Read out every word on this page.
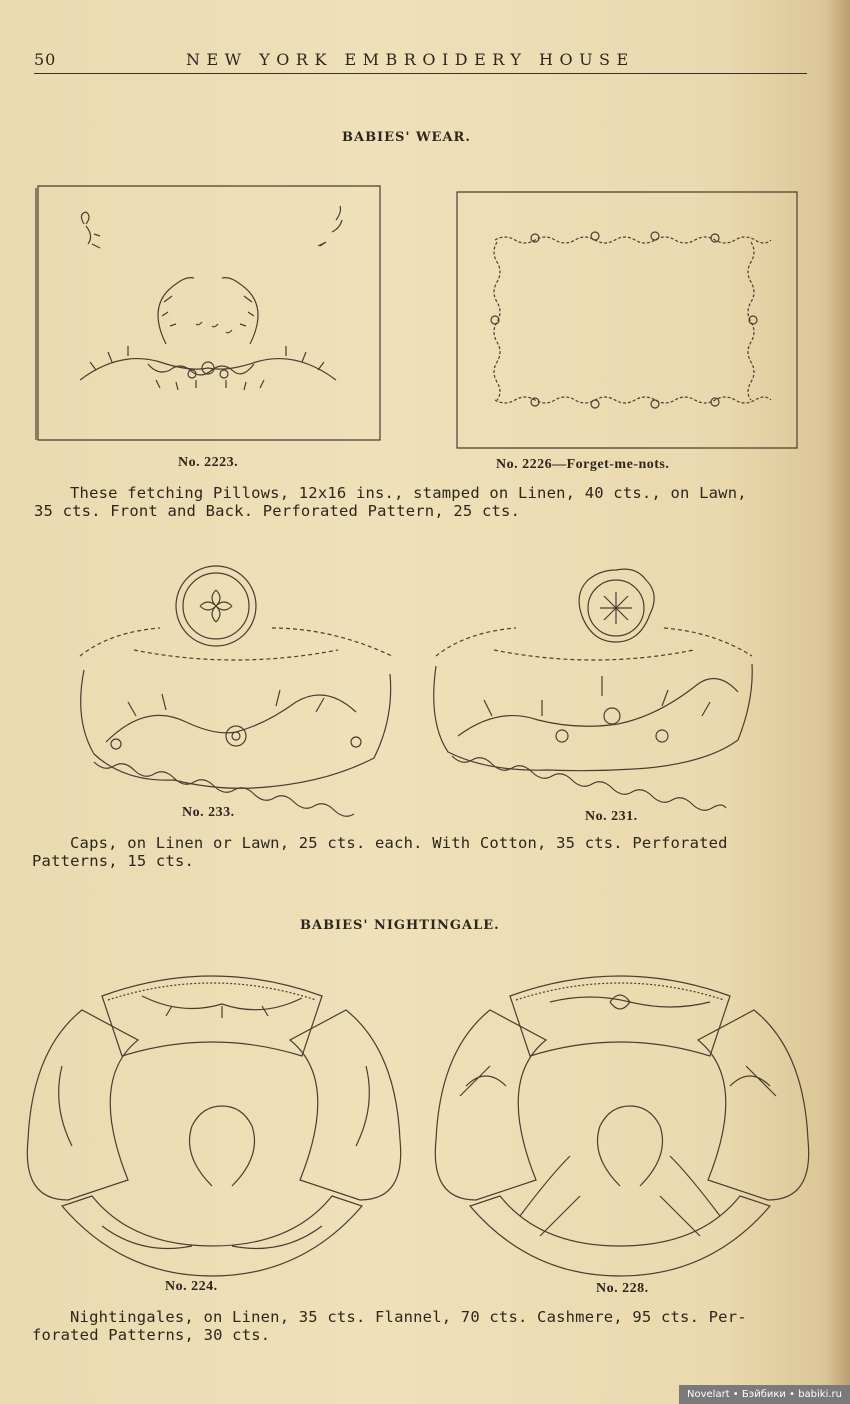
50	NEW YORK EMBROIDERY HOUSE
BABIES' WEAR.
No. 2223.	No. 2226—Forget-me-nots.
These fetching Pillows, 12x16 ins., stamped on Linen, 40 cts., on Lawn,
35 cts. Front and Back. Perforated Pattern, 25 cts.
No. 233.	No. 231.
Caps, on Linen or Lawn, 25 cts. each. With Cotton, 35 cts. Perforated
Patterns, 15 cts.
BABIES' NIGHTINGALE.
No. 224.	No. 228.
Nightingales, on Linen, 35 cts. Flannel, 70 cts. Cashmere, 95 cts. Per-
forated Patterns, 30 cts.
Novelart • Бэйбики • babiki.ru
